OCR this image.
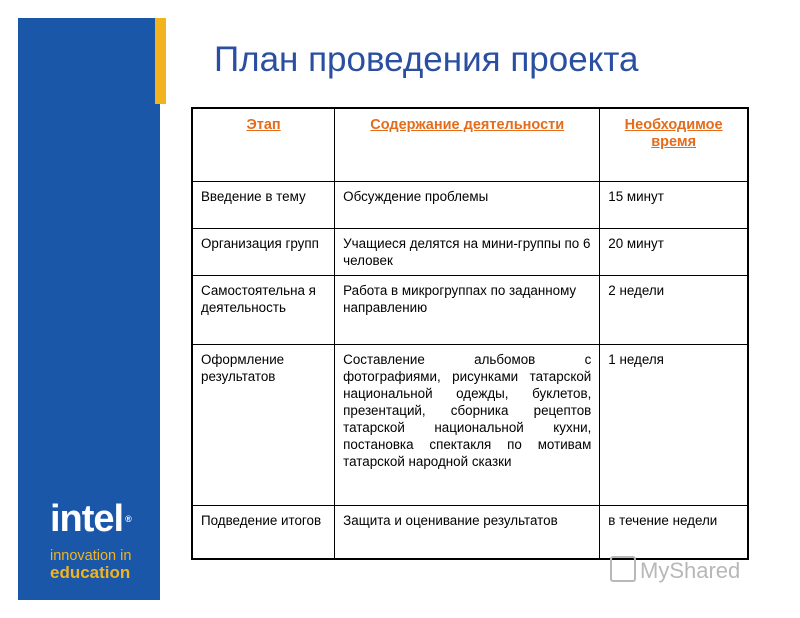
intel ®
innovation in
education
План проведения проекта
Этап	Содержание деятельности	Необходимое время
Введение в тему	Обсуждение проблемы	15 минут
Организация групп	Учащиеся делятся на мини-группы по 6 человек	20 минут
Самостоятельна я деятельность	Работа в микрогруппах по заданному направлению	2 недели
Оформление результатов	Составление альбомов с фотографиями, рисунками татарской национальной одежды, буклетов, презентаций, сборника рецептов татарской национальной кухни, постановка спектакля по мотивам татарской народной сказки	1 неделя
Подведение итогов	Защита и оценивание результатов	в течение недели
MyShared
